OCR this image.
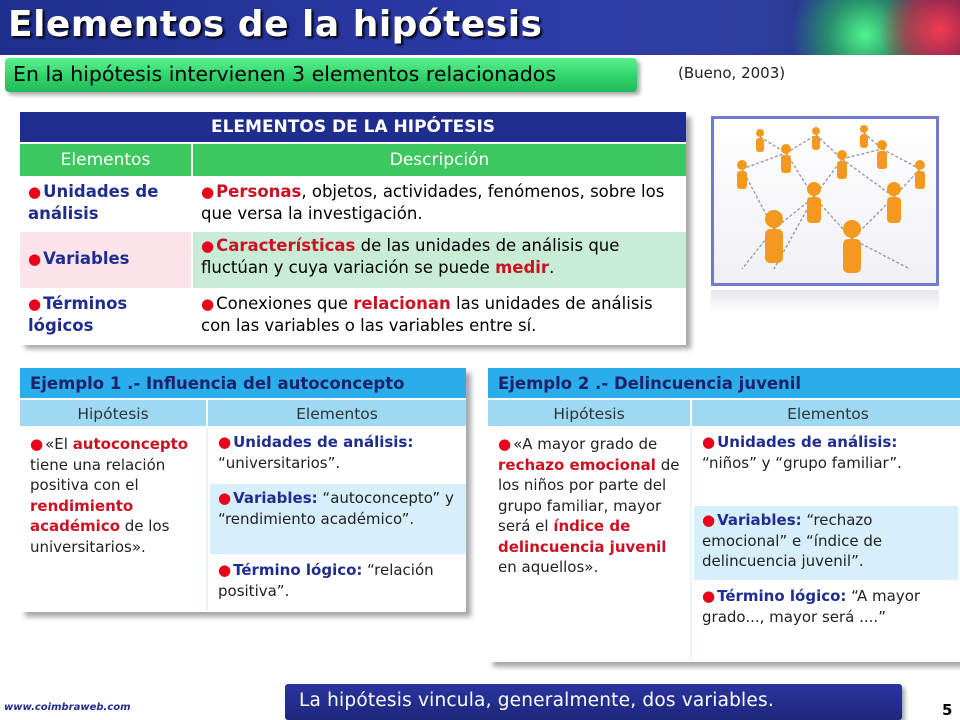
Elementos de la hipótesis
En la hipótesis intervienen 3 elementos relacionados	(Bueno, 2003)
ELEMENTOS DE LA HIPÓTESIS	
Elementos	Descripción
● Unidades de análisis	● Personas, objetos, actividades, fenómenos, sobre los que versa la investigación.
● Variables	● Características de las unidades de análisis que fluctúan y cuya variación se puede medir.
● Términos lógicos	● Conexiones que relacionan las unidades de análisis con las variables o las variables entre sí.
Ejemplo 1 .- Influencia del autoconcepto
Hipótesis	Elementos
● «El autoconcepto tiene una relación positiva con el rendimiento académico de los universitarios».
● Unidades de análisis: “universitarios”.
● Variables: “autoconcepto” y “rendimiento académico”.
● Término lógico: “relación positiva”.
Ejemplo 2 .- Delincuencia juvenil
Hipótesis	Elementos
● «A mayor grado de rechazo emocional de los niños por parte del grupo familiar, mayor será el índice de delincuencia juvenil en aquellos».
● Unidades de análisis: “niños” y “grupo familiar”.
● Variables: “rechazo emocional” e “índice de delincuencia juvenil”.
● Término lógico: “A mayor grado..., mayor será ....”
www.coimbraweb.com	La hipótesis vincula, generalmente, dos variables.	5
